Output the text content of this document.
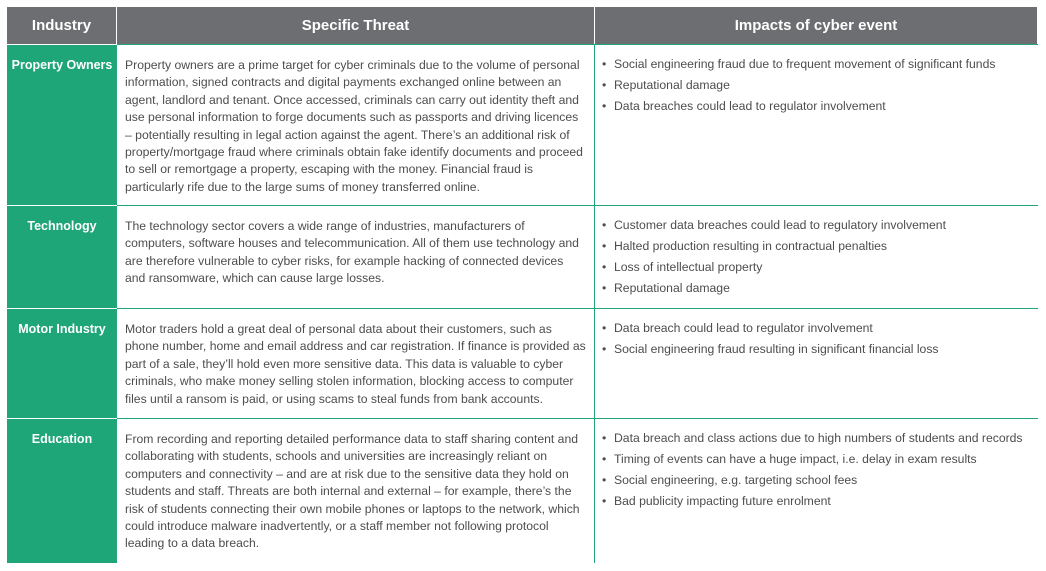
Industry	Specific Threat	Impacts of cyber event
Property Owners	Property owners are a prime target for cyber criminals due to the volume of personal information, signed contracts and digital payments exchanged online between an agent, landlord and tenant. Once accessed, criminals can carry out identity theft and use personal information to forge documents such as passports and driving licences – potentially resulting in legal action against the agent. There’s an additional risk of property/mortgage fraud where criminals obtain fake identify documents and proceed to sell or remortgage a property, escaping with the money. Financial fraud is particularly rife due to the large sums of money transferred online.
• Social engineering fraud due to frequent movement of significant funds
• Reputational damage
• Data breaches could lead to regulator involvement
Technology	The technology sector covers a wide range of industries, manufacturers of computers, software houses and telecommunication. All of them use technology and are therefore vulnerable to cyber risks, for example hacking of connected devices and ransomware, which can cause large losses.
• Customer data breaches could lead to regulatory involvement
• Halted production resulting in contractual penalties
• Loss of intellectual property
• Reputational damage
Motor Industry	Motor traders hold a great deal of personal data about their customers, such as phone number, home and email address and car registration. If finance is provided as part of a sale, they’ll hold even more sensitive data. This data is valuable to cyber criminals, who make money selling stolen information, blocking access to computer files until a ransom is paid, or using scams to steal funds from bank accounts.
• Data breach could lead to regulator involvement
• Social engineering fraud resulting in significant financial loss
Education	From recording and reporting detailed performance data to staff sharing content and collaborating with students, schools and universities are increasingly reliant on computers and connectivity – and are at risk due to the sensitive data they hold on students and staff. Threats are both internal and external – for example, there’s the risk of students connecting their own mobile phones or laptops to the network, which could introduce malware inadvertently, or a staff member not following protocol leading to a data breach.
• Data breach and class actions due to high numbers of students and records
• Timing of events can have a huge impact, i.e. delay in exam results
• Social engineering, e.g. targeting school fees
• Bad publicity impacting future enrolment
